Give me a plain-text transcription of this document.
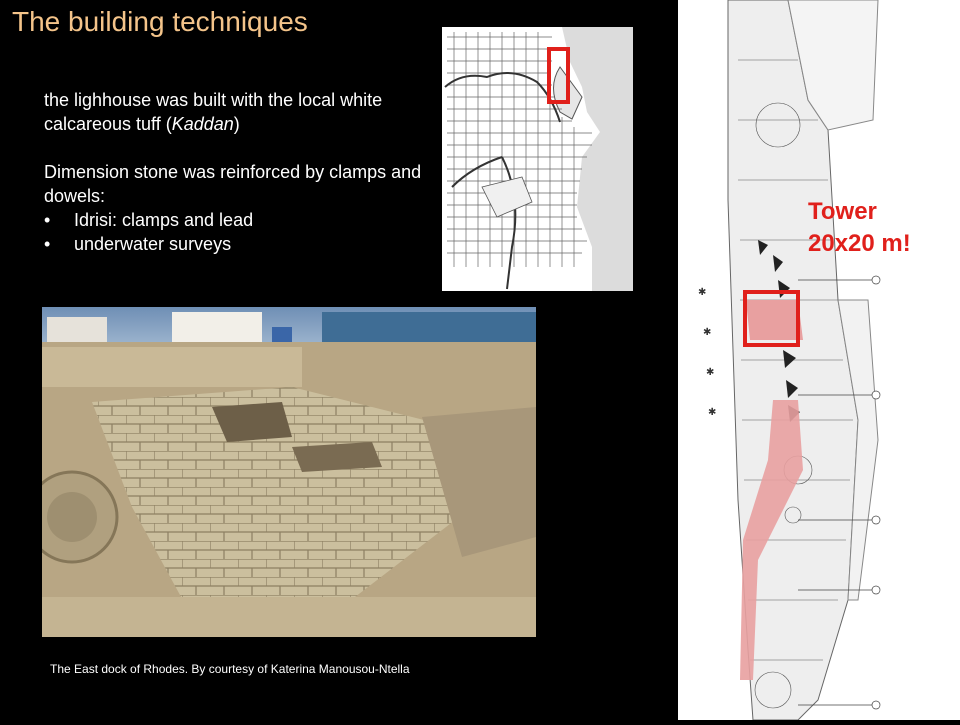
The building techniques

the lighhouse was built with the local white calcareous tuff (Kaddan)

Dimension stone was reinforced by clamps and dowels:

• Idrisi: clamps and lead
• underwater surveys
The East dock of Rhodes. By courtesy of Katerina Manousou-Ntella
✱
✱
✱
✱
Tower
20x20 m!
